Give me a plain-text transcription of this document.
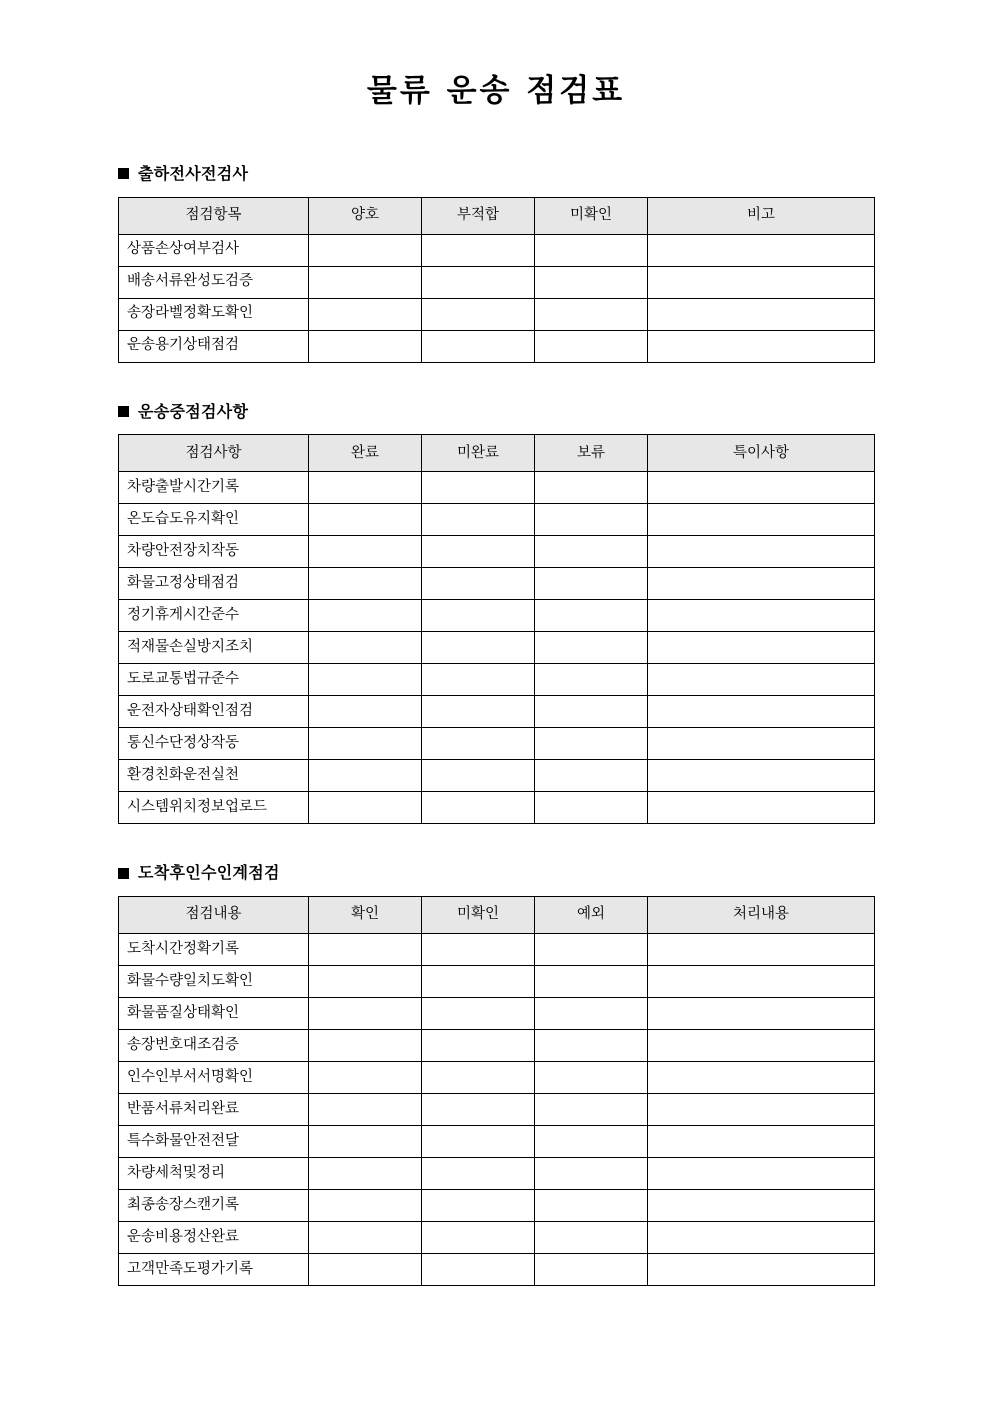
물류 운송 점검표
출하전사전검사
점검항목	양호	부적합	미확인	비고
상품손상여부검사				
배송서류완성도검증				
송장라벨정확도확인				
운송용기상태점검				
운송중점검사항
점검사항	완료	미완료	보류	특이사항
차량출발시간기록				
온도습도유지확인				
차량안전장치작동				
화물고정상태점검				
정기휴게시간준수				
적재물손실방지조치				
도로교통법규준수				
운전자상태확인점검				
통신수단정상작동				
환경친화운전실천				
시스템위치정보업로드				
도착후인수인계점검
점검내용	확인	미확인	예외	처리내용
도착시간정확기록				
화물수량일치도확인				
화물품질상태확인				
송장번호대조검증				
인수인부서서명확인				
반품서류처리완료				
특수화물안전전달				
차량세척및정리				
최종송장스캔기록				
운송비용정산완료				
고객만족도평가기록				
